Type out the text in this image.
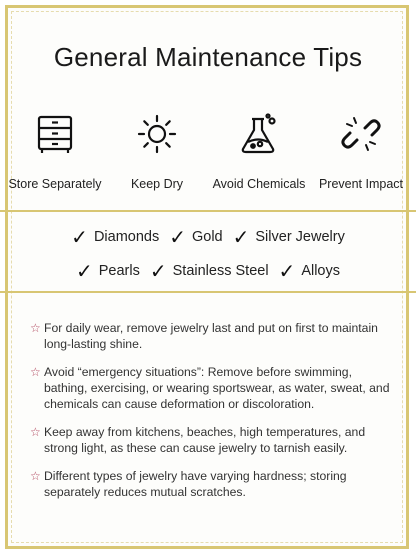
General Maintenance Tips
Store Separately Keep Dry Avoid Chemicals Prevent Impact
✓ Diamonds ✓ Gold ✓ Silver Jewelry
✓ Pearls ✓ Stainless Steel ✓ Alloys
☆ For daily wear, remove jewelry last and put on first to maintain long-lasting shine.
☆ Avoid “emergency situations”: Remove before swimming, bathing, exercising, or wearing sportswear, as water, sweat, and chemicals can cause deformation or discoloration.
☆ Keep away from kitchens, beaches, high temperatures, and strong light, as these can cause jewelry to tarnish easily.
☆ Different types of jewelry have varying hardness; storing separately reduces mutual scratches.
